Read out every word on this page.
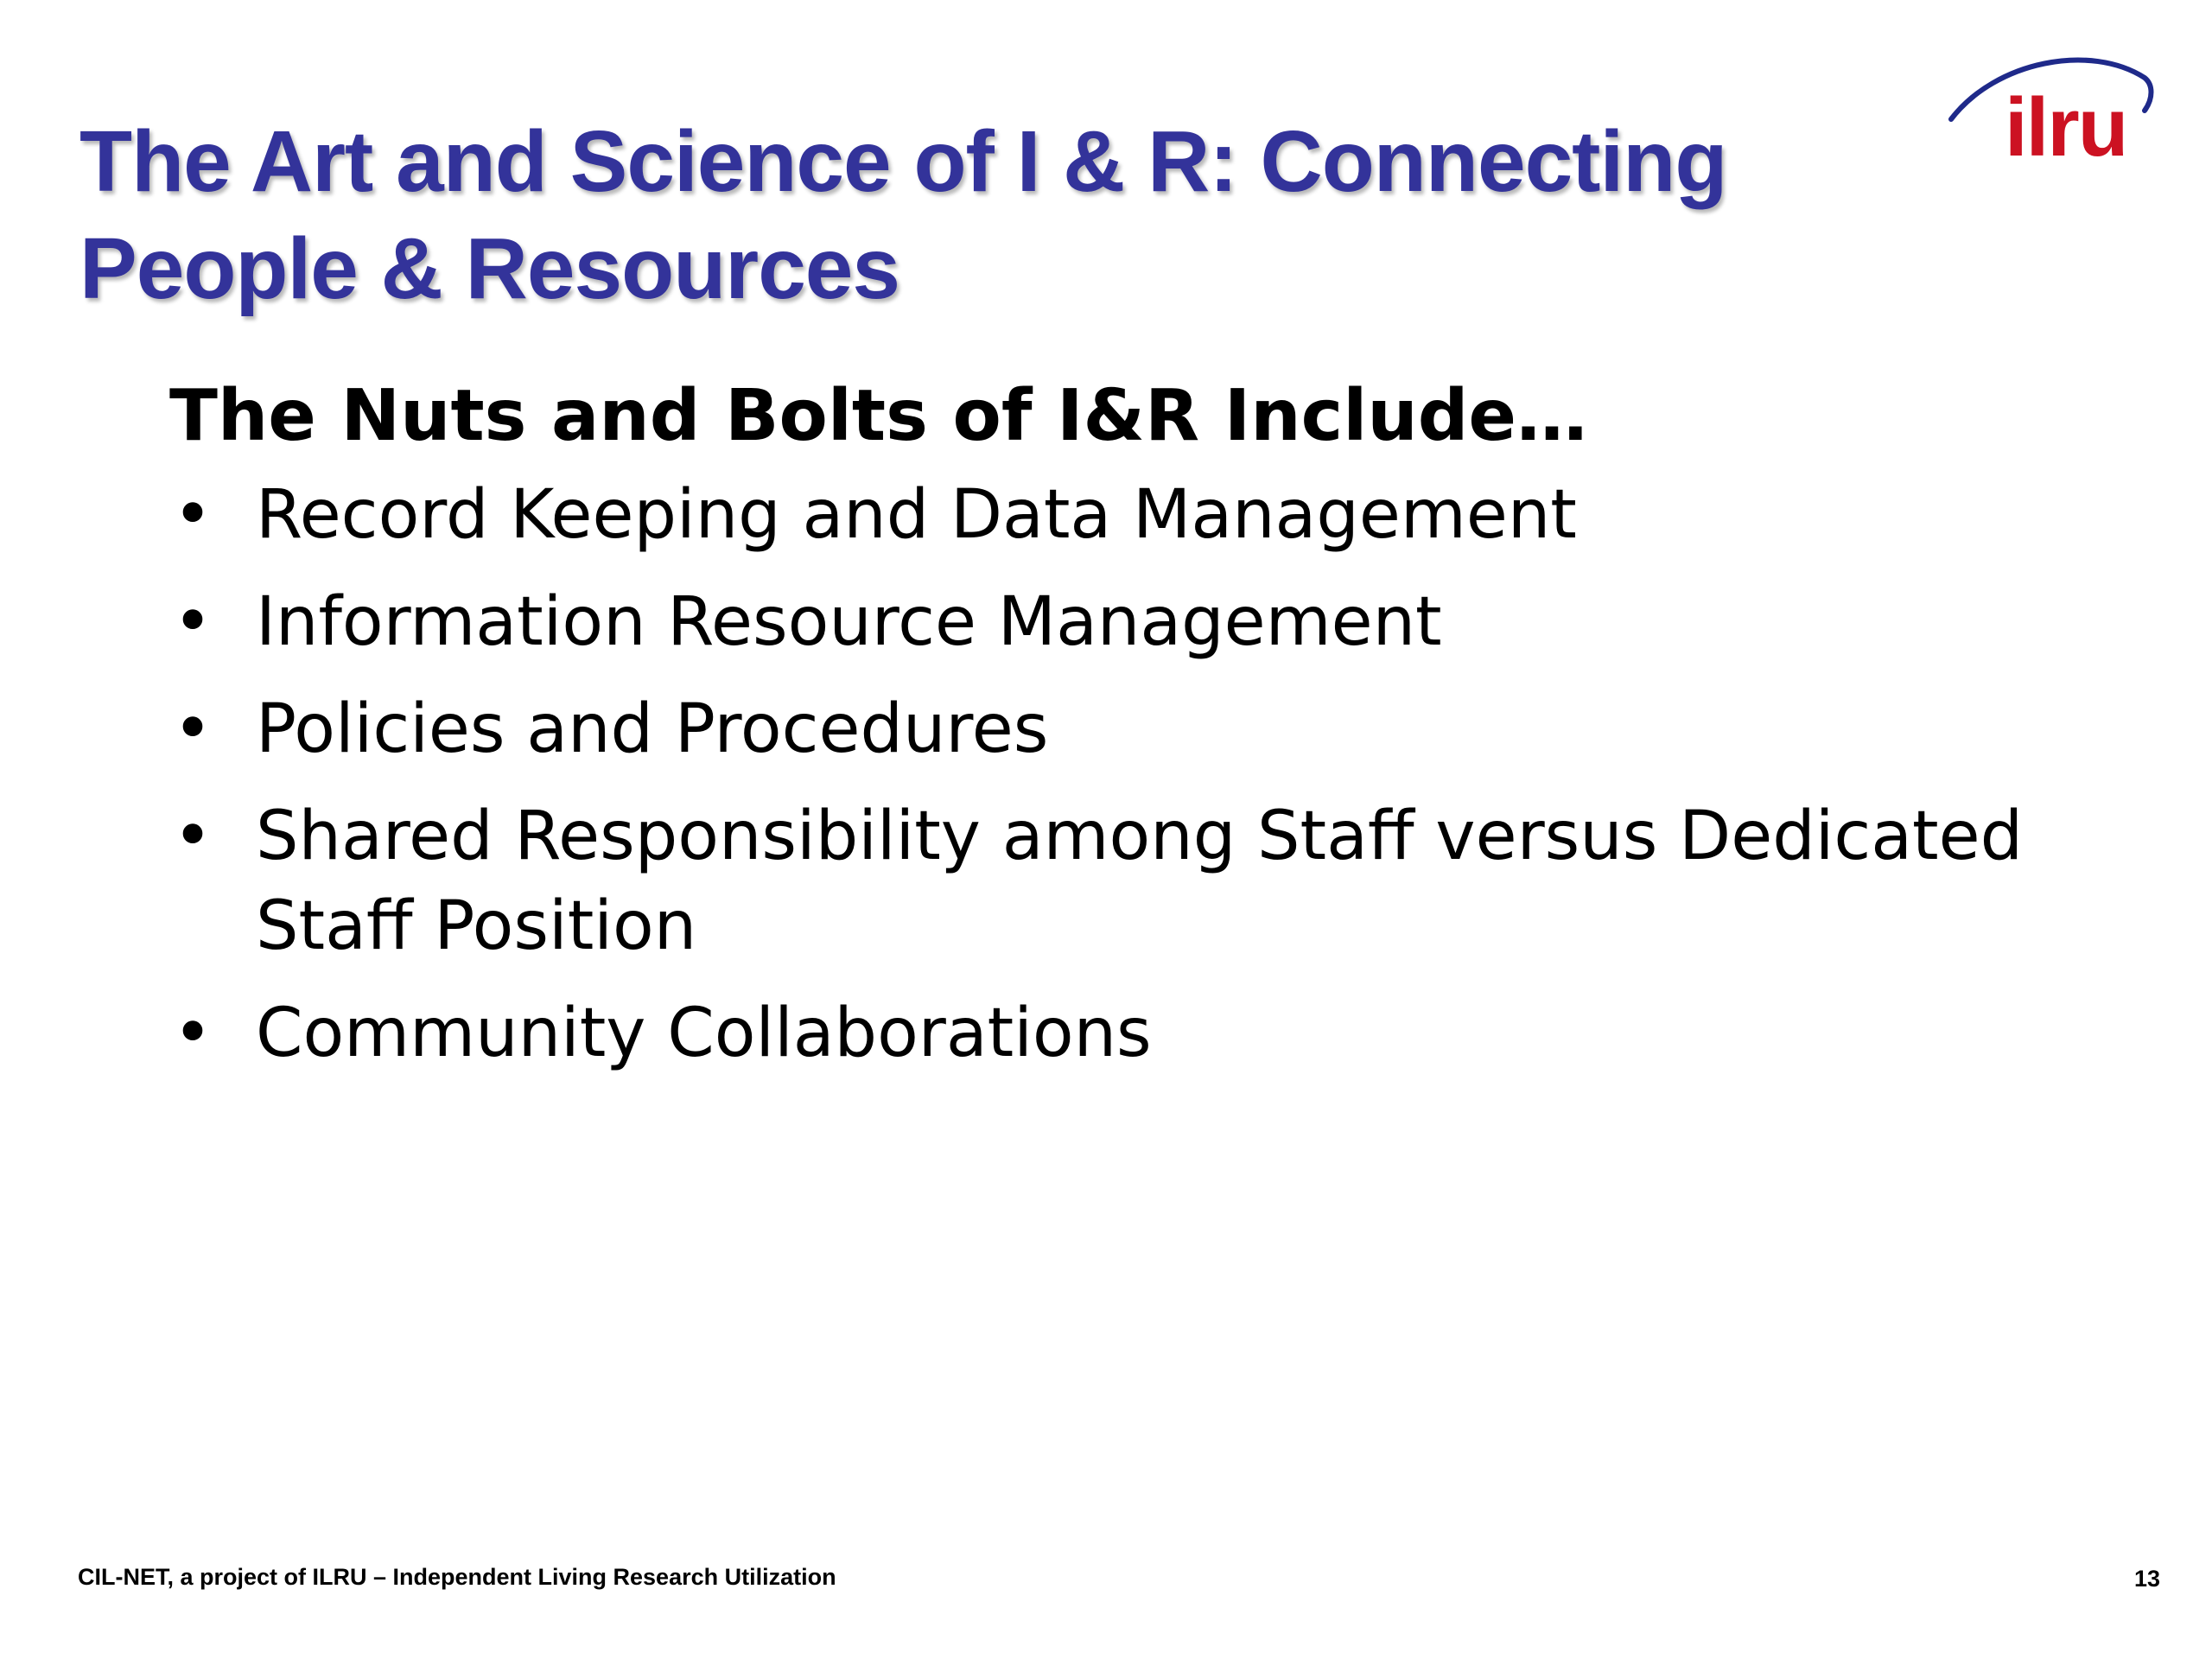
The Art and Science of I & R: Connecting People & Resources
ilru
The Nuts and Bolts of I&R Include…
• Record Keeping and Data Management
• Information Resource Management
• Policies and Procedures
• Shared Responsibility among Staff versus Dedicated Staff Position
• Community Collaborations
CIL-NET, a project of ILRU – Independent Living Research Utilization	13
